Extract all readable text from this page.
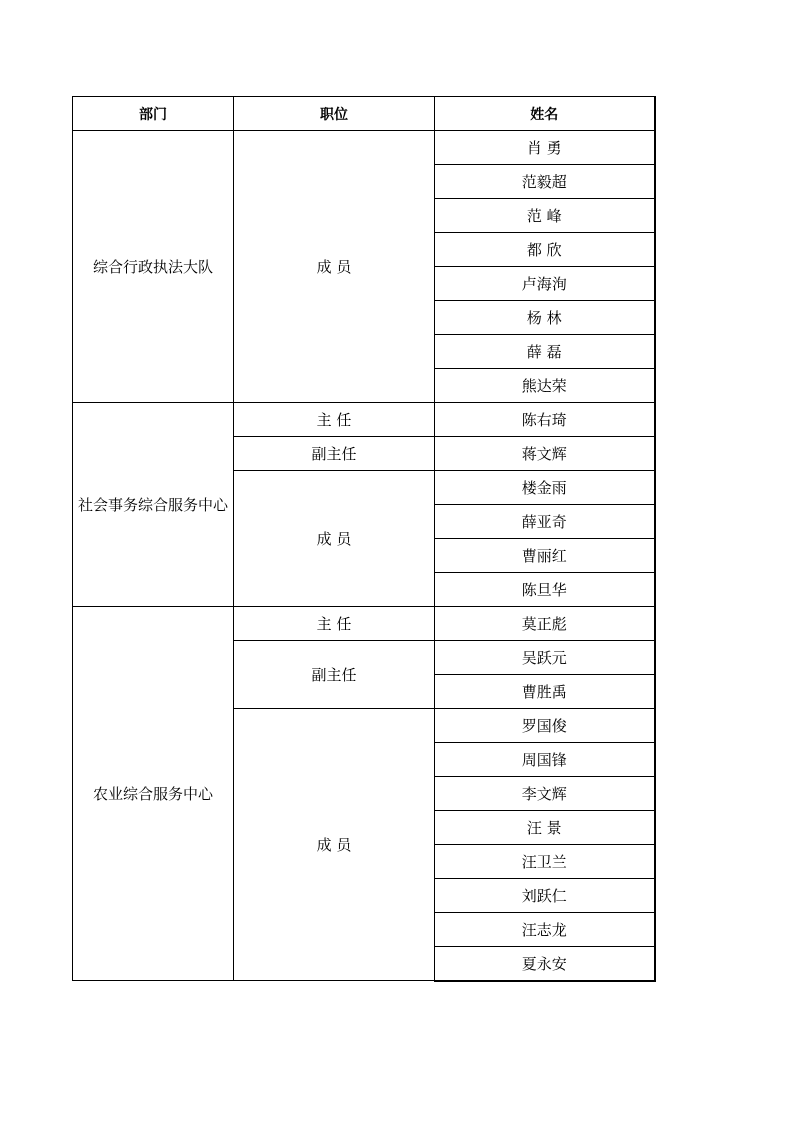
部门	职位	姓名
综合行政执法大队	成 员	肖 勇
		范毅超
		范 峰
		都 欣
		卢海洵
		杨 林
		薛 磊
		熊达荣
社会事务综合服务中心	主 任	陈右琦
	副主任	蒋文辉
	成 员	楼金雨
		薛亚奇
		曹丽红
		陈旦华
农业综合服务中心	主 任	莫正彪
	副主任	吴跃元
		曹胜禹
	成 员	罗国俊
		周国锋
		李文辉
		汪 景
		汪卫兰
		刘跃仁
		汪志龙
		夏永安
